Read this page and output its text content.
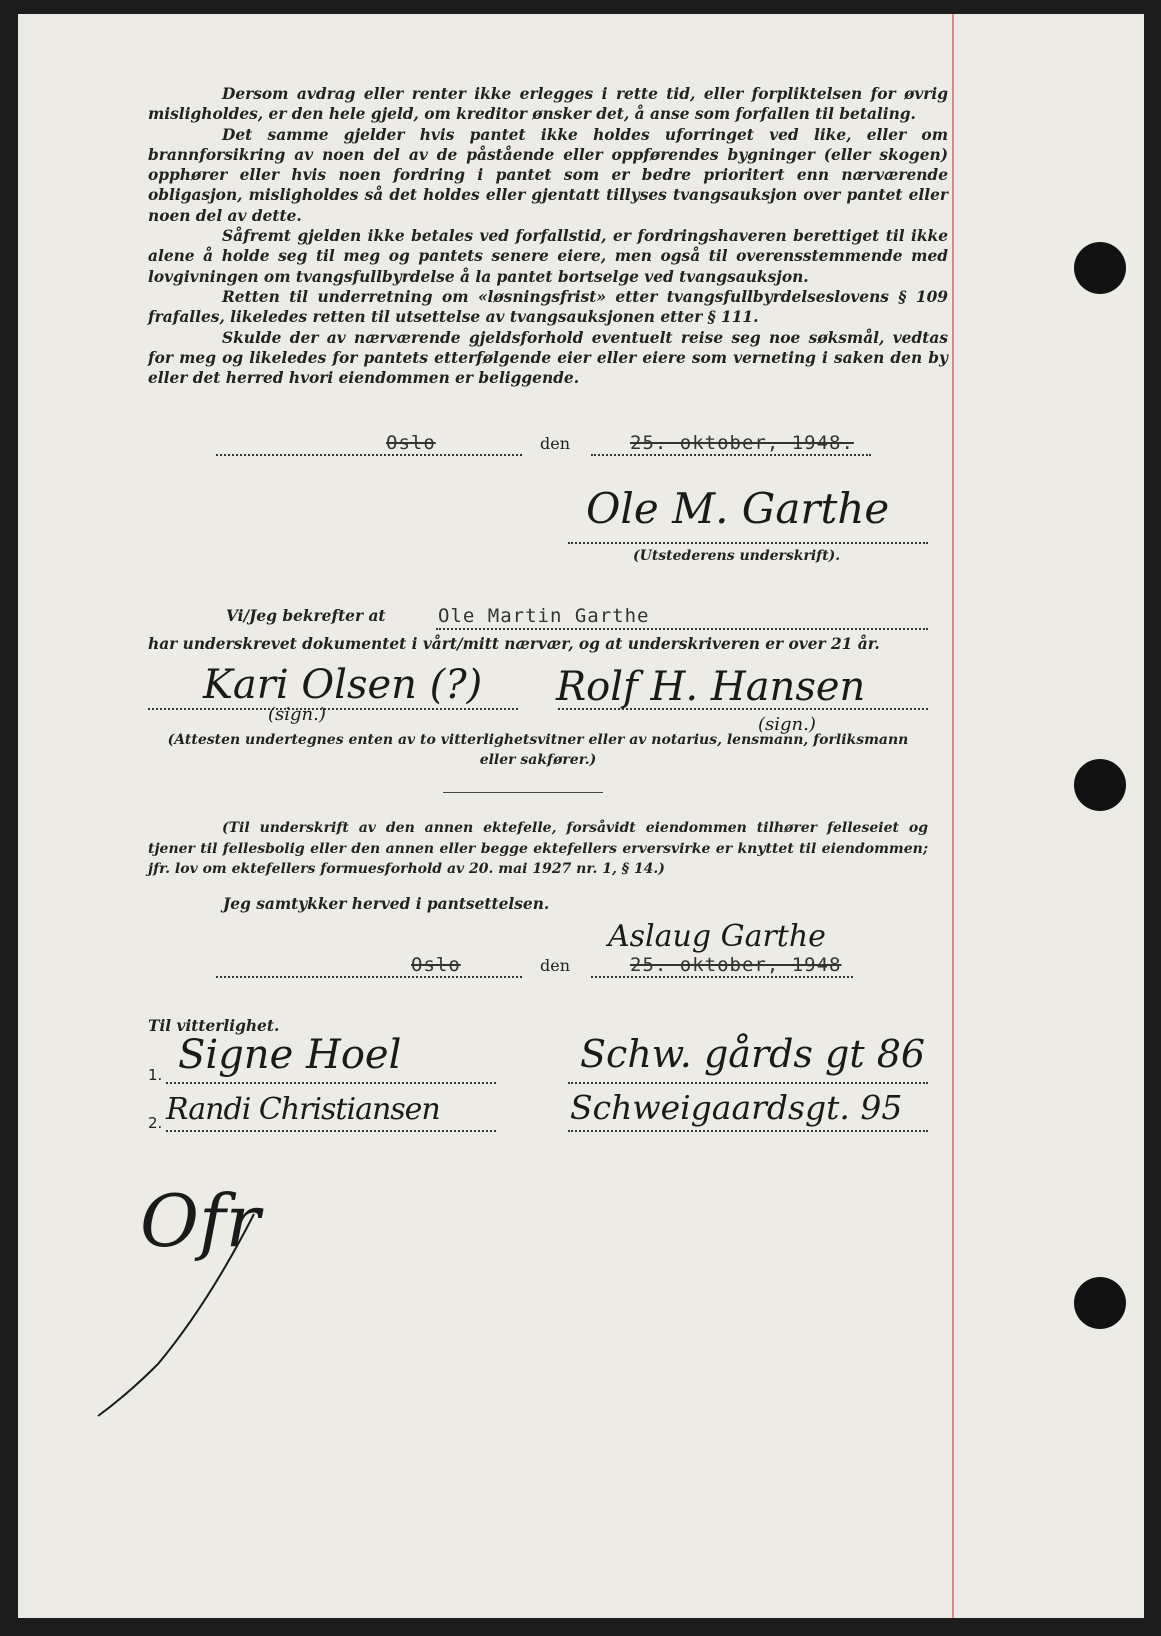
Dersom avdrag eller renter ikke erlegges i rette tid, eller forpliktelsen for øvrig misligholdes, er den hele gjeld, om kreditor ønsker det, å anse som forfallen til betaling.

Det samme gjelder hvis pantet ikke holdes uforringet ved like, eller om brannforsikring av noen del av de påstående eller oppførendes bygninger (eller skogen) opphører eller hvis noen fordring i pantet som er bedre prioritert enn nærværende obligasjon, misligholdes så det holdes eller gjentatt tillyses tvangsauksjon over pantet eller noen del av dette.

Såfremt gjelden ikke betales ved forfallstid, er fordringshaveren berettiget til ikke alene å holde seg til meg og pantets senere eiere, men også til overensstemmende med lovgivningen om tvangsfullbyrdelse å la pantet bortselge ved tvangsauksjon.

Retten til underretning om «løsningsfrist» etter tvangsfullbyrdelseslovens § 109 frafalles, likeledes retten til utsettelse av tvangsauksjonen etter § 111.

Skulde der av nærværende gjeldsforhold eventuelt reise seg noe søksmål, vedtas for meg og likeledes for pantets etterfølgende eier eller eiere som verneting i saken den by eller det herred hvori eiendommen er beliggende.

Oslo	den	25. oktober, 1948.
Ole M. Garthe
(Utstederens underskrift).
Vi/Jeg bekrefter at	Ole Martin Garthe
har underskrevet dokumentet i vårt/mitt nærvær, og at underskriveren er over 21 år.
Kari Olsen (?) Rolf H. Hansen
(sign.)	(sign.)
(Attesten undertegnes enten av to vitterlighetsvitner eller av notarius, lensmann, forliksmann eller sakfører.)
(Til underskrift av den annen ektefelle, forsåvidt eiendommen tilhører felleseiet og tjener til fellesbolig eller den annen eller begge ektefellers erversvirke er knyttet til eiendommen; jfr. lov om ektefellers formuesforhold av 20. mai 1927 nr. 1, § 14.)
Jeg samtykker herved i pantsettelsen.
Aslaug Garthe
Oslo	den	25. oktober, 1948
Til vitterlighet.
1. Signe Hoel	Schw. gårds gt 86
2. Randi Christiansen	Schweigaardsgt. 95
Ofr
